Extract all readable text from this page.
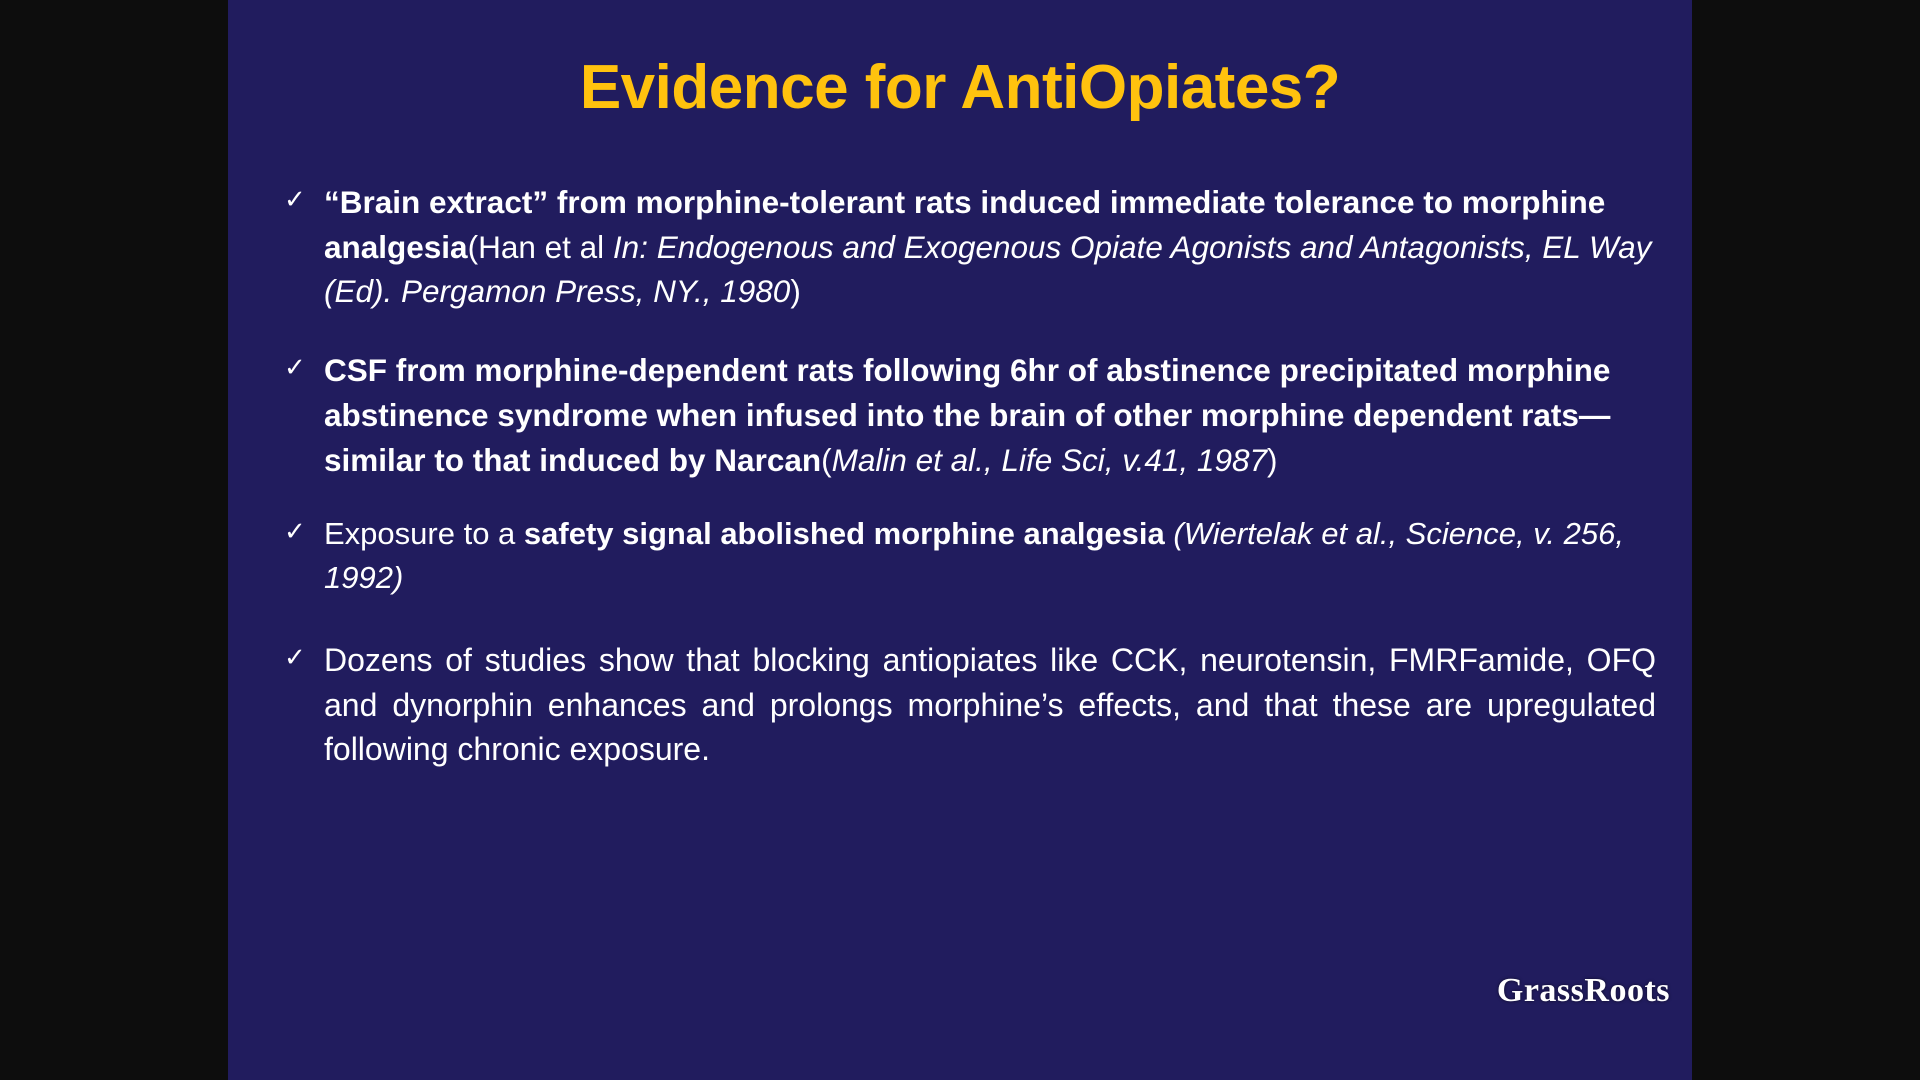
Evidence for AntiOpiates?
✓ “Brain extract” from morphine-tolerant rats induced immediate tolerance to morphine analgesia(Han et al In: Endogenous and Exogenous Opiate Agonists and Antagonists, EL Way (Ed). Pergamon Press, NY., 1980)
✓ CSF from morphine-dependent rats following 6hr of abstinence precipitated morphine abstinence syndrome when infused into the brain of other morphine dependent rats—similar to that induced by Narcan(Malin et al., Life Sci, v.41, 1987)
✓ Exposure to a safety signal abolished morphine analgesia (Wiertelak et al., Science, v. 256, 1992)
✓ Dozens of studies show that blocking antiopiates like CCK, neurotensin, FMRFamide, OFQ and dynorphin enhances and prolongs morphine’s effects, and that these are upregulated following chronic exposure.
GrassRoots
